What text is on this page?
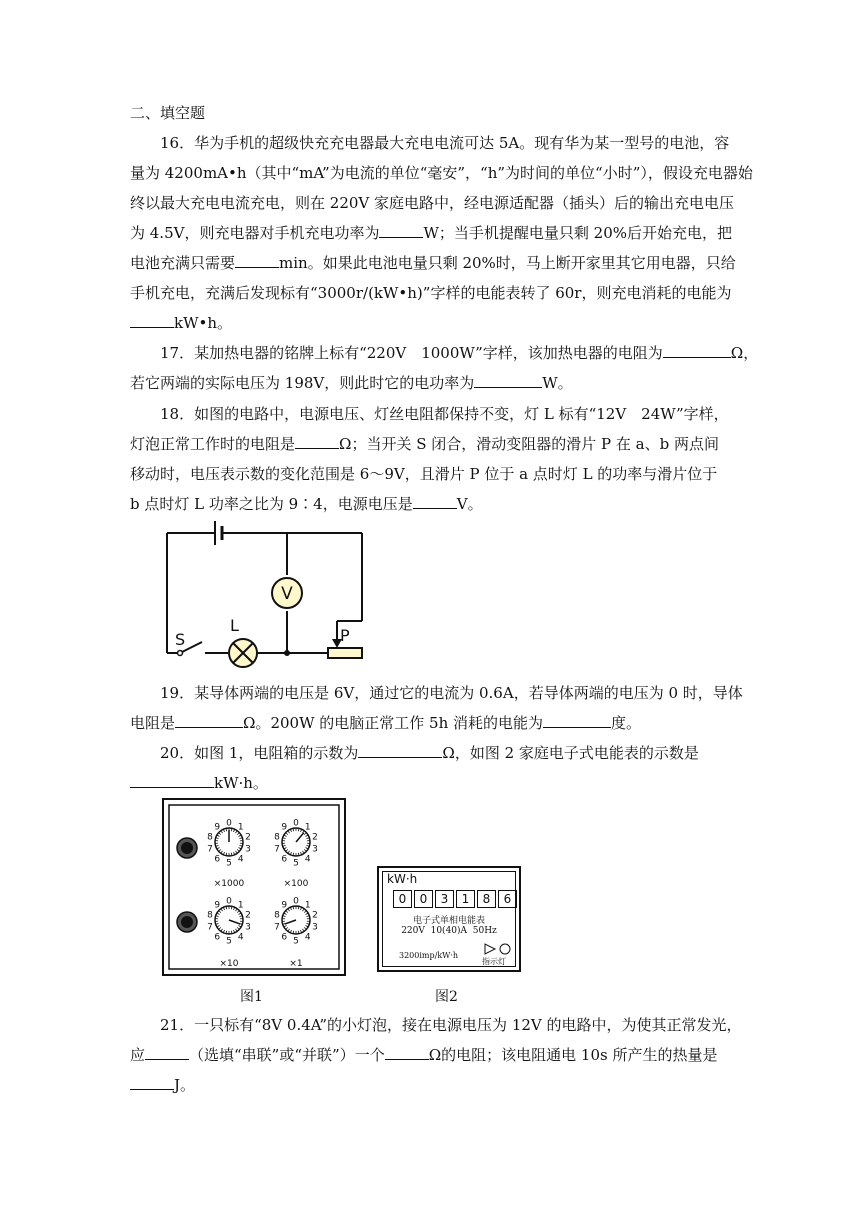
二、填空题
16．华为手机的超级快充充电器最大充电电流可达 5A。现有华为某一型号的电池，容
量为 4200mA•h（其中“mA”为电流的单位“毫安”，“h”为时间的单位“小时”），假设充电器始
终以最大充电电流充电，则在 220V 家庭电路中，经电源适配器（插头）后的输出充电电压
为 4.5V，则充电器对手机充电功率为	W；当手机提醒电量只剩 20%后开始充电，把
电池充满只需要	min。如果此电池电量只剩 20%时，马上断开家里其它用电器，只给
手机充电，充满后发现标有“3000r/(kW•h)”字样的电能表转了 60r，则充电消耗的电能为
kW•h。
17．某加热电器的铭牌上标有“220V　1000W”字样，该加热电器的电阻为	Ω，
若它两端的实际电压为 198V，则此时它的电功率为	W。
18．如图的电路中，电源电压、灯丝电阻都保持不变，灯 L 标有“12V　24W”字样，
灯泡正常工作时的电阻是	Ω；当开关 S 闭合，滑动变阻器的滑片 P 在 a、b 两点间
移动时，电压表示数的变化范围是 6～9V，且滑片 P 位于 a 点时灯 L 的功率与滑片位于
b 点时灯 L 功率之比为 9∶4，电源电压是	V。
V
S
L
P
19．某导体两端的电压是 6V，通过它的电流为 0.6A，若导体两端的电压为 0 时，导体
电阻是	Ω。200W 的电脑正常工作 5h 消耗的电能为	度。
20．如图 1，电阻箱的示数为	Ω，如图 2 家庭电子式电能表的示数是
kW·h。
0 1
2
3
4
5
6
7
8
9	0 1
2
3
4
5
6
7
8
9
0 1
2
3
4
5
6
7
8
9	0 1
2
3
4
5
6
7
8
9
×1000	×100
×10	×1
图1
kW·h
0	0	3	1	8	6
电子式单相电能表
220V  10(40)A  50Hz
3200imp/kW·h
指示灯
图2
21．一只标有“8V 0.4A”的小灯泡，接在电源电压为 12V 的电路中，为使其正常发光，
应	（选填“串联”或“并联”）一个	Ω的电阻；该电阻通电 10s 所产生的热量是
J。
